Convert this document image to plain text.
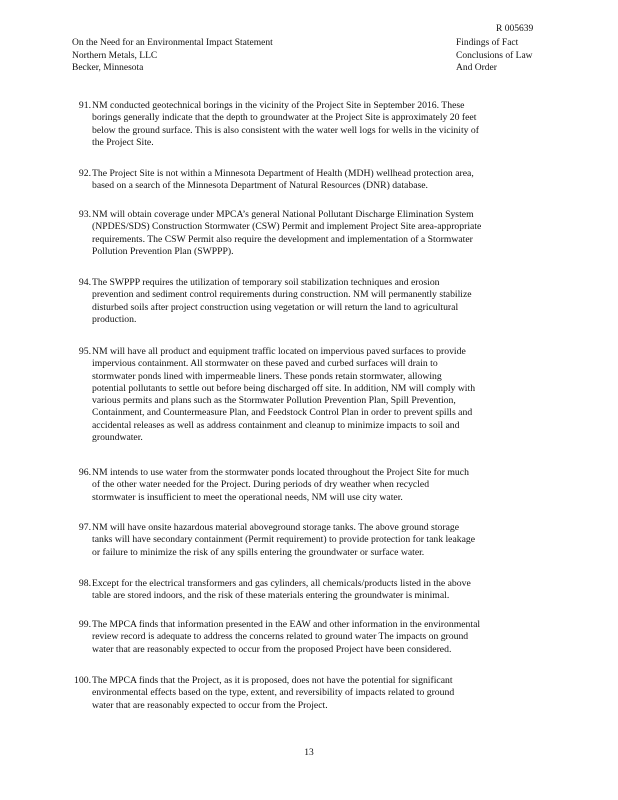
R 005639
On the Need for an Environmental Impact Statement
Northern Metals, LLC
Becker, Minnesota
Findings of Fact
Conclusions of Law
And Order
91. NM conducted geotechnical borings in the vicinity of the Project Site in September 2016. These
borings generally indicate that the depth to groundwater at the Project Site is approximately 20 feet
below the ground surface. This is also consistent with the water well logs for wells in the vicinity of
the Project Site.
92. The Project Site is not within a Minnesota Department of Health (MDH) wellhead protection area,
based on a search of the Minnesota Department of Natural Resources (DNR) database.
93. NM will obtain coverage under MPCA’s general National Pollutant Discharge Elimination System
(NPDES/SDS) Construction Stormwater (CSW) Permit and implement Project Site area-appropriate
requirements. The CSW Permit also require the development and implementation of a Stormwater
Pollution Prevention Plan (SWPPP).
94. The SWPPP requires the utilization of temporary soil stabilization techniques and erosion
prevention and sediment control requirements during construction. NM will permanently stabilize
disturbed soils after project construction using vegetation or will return the land to agricultural
production.
95. NM will have all product and equipment traffic located on impervious paved surfaces to provide
impervious containment. All stormwater on these paved and curbed surfaces will drain to
stormwater ponds lined with impermeable liners. These ponds retain stormwater, allowing
potential pollutants to settle out before being discharged off site. In addition, NM will comply with
various permits and plans such as the Stormwater Pollution Prevention Plan, Spill Prevention,
Containment, and Countermeasure Plan, and Feedstock Control Plan in order to prevent spills and
accidental releases as well as address containment and cleanup to minimize impacts to soil and
groundwater.
96. NM intends to use water from the stormwater ponds located throughout the Project Site for much
of the other water needed for the Project. During periods of dry weather when recycled
stormwater is insufficient to meet the operational needs, NM will use city water.
97. NM will have onsite hazardous material aboveground storage tanks. The above ground storage
tanks will have secondary containment (Permit requirement) to provide protection for tank leakage
or failure to minimize the risk of any spills entering the groundwater or surface water.
98. Except for the electrical transformers and gas cylinders, all chemicals/products listed in the above
table are stored indoors, and the risk of these materials entering the groundwater is minimal.
99. The MPCA finds that information presented in the EAW and other information in the environmental
review record is adequate to address the concerns related to ground water The impacts on ground
water that are reasonably expected to occur from the proposed Project have been considered.
100. The MPCA finds that the Project, as it is proposed, does not have the potential for significant
environmental effects based on the type, extent, and reversibility of impacts related to ground
water that are reasonably expected to occur from the Project.
13
